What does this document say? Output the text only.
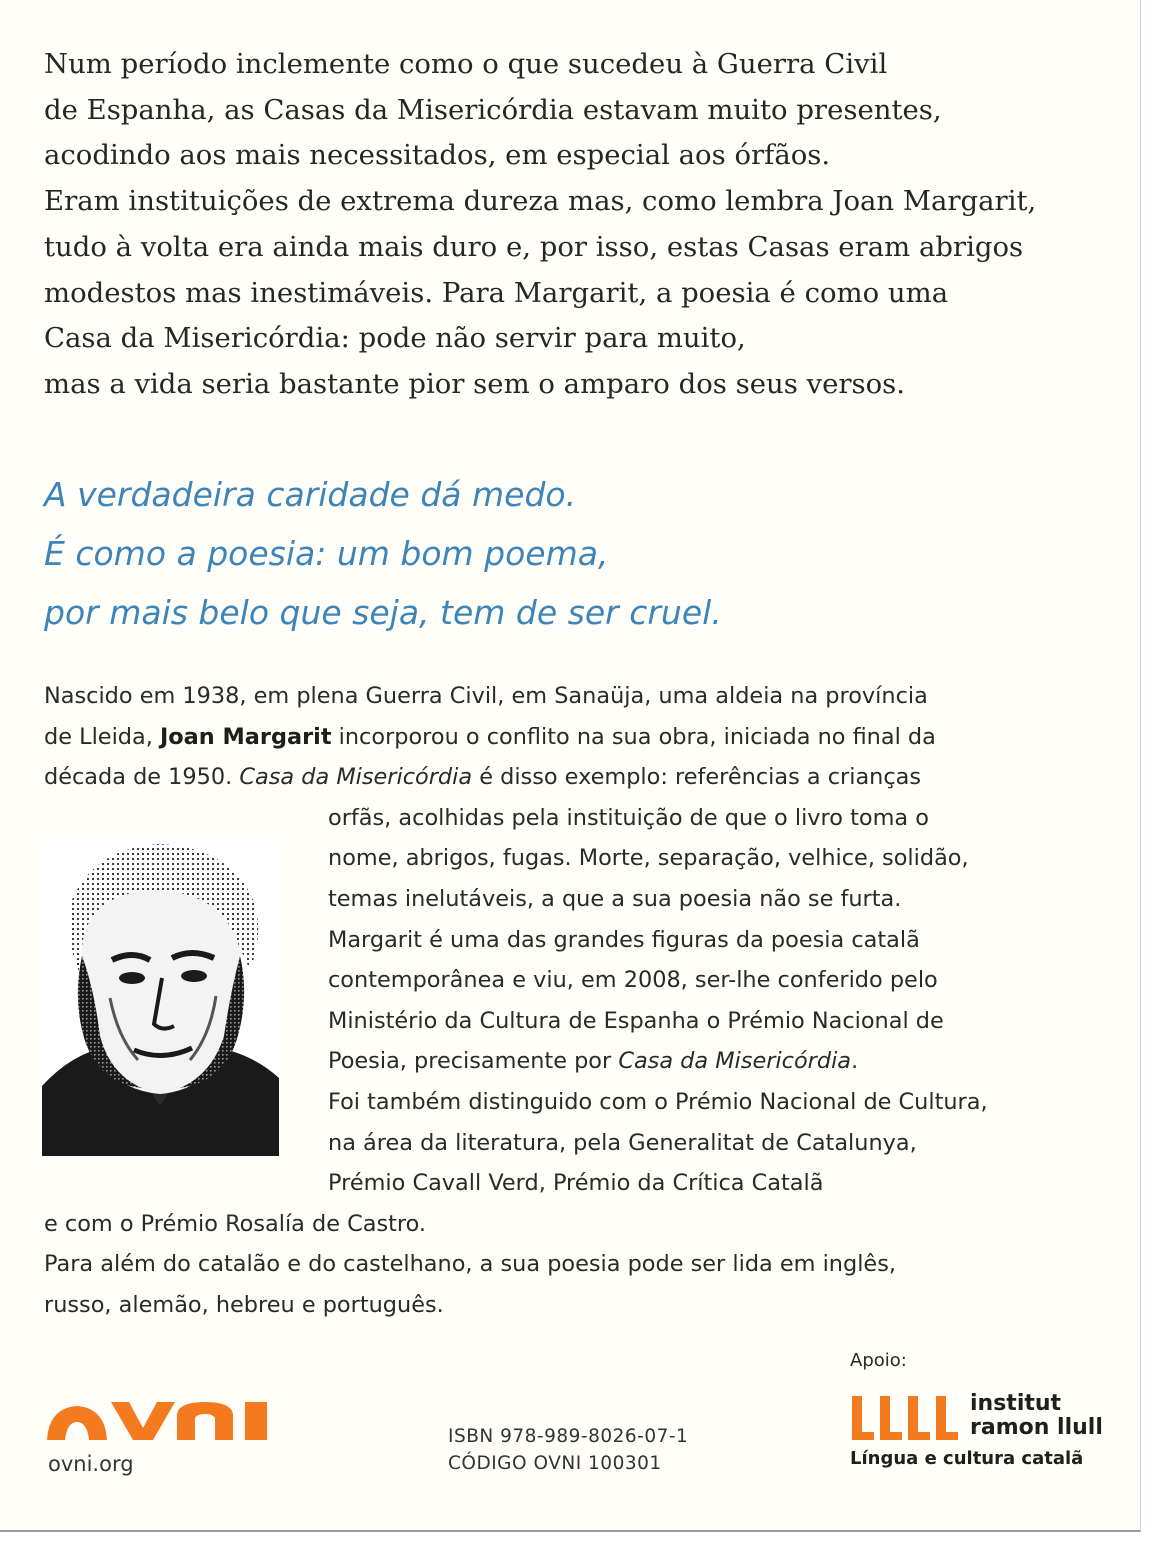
Num período inclemente como o que sucedeu à Guerra Civil
de Espanha, as Casas da Misericórdia estavam muito presentes,
acodindo aos mais necessitados, em especial aos órfãos.
Eram instituições de extrema dureza mas, como lembra Joan Margarit,
tudo à volta era ainda mais duro e, por isso, estas Casas eram abrigos
modestos mas inestimáveis. Para Margarit, a poesia é como uma
Casa da Misericórdia: pode não servir para muito,
mas a vida seria bastante pior sem o amparo dos seus versos.
A verdadeira caridade dá medo.
É como a poesia: um bom poema,
por mais belo que seja, tem de ser cruel.
Nascido em 1938, em plena Guerra Civil, em Sanaüja, uma aldeia na província
de Lleida, Joan Margarit incorporou o conflito na sua obra, iniciada no final da
década de 1950. Casa da Misericórdia é disso exemplo: referências a crianças
orfãs, acolhidas pela instituição de que o livro toma o
nome, abrigos, fugas. Morte, separação, velhice, solidão,
temas inelutáveis, a que a sua poesia não se furta.
Margarit é uma das grandes figuras da poesia catalã
contemporânea e viu, em 2008, ser-lhe conferido pelo
Ministério da Cultura de Espanha o Prémio Nacional de
Poesia, precisamente por Casa da Misericórdia.
Foi também distinguido com o Prémio Nacional de Cultura,
na área da literatura, pela Generalitat de Catalunya,
Prémio Cavall Verd, Prémio da Crítica Catalã
e com o Prémio Rosalía de Castro.
Para além do catalão e do castelhano, a sua poesia pode ser lida em inglês,
russo, alemão, hebreu e português.
Apoio:
ovni.org
ISBN 978-989-8026-07-1
CÓDIGO OVNI 100301
institut
ramon llull
Língua e cultura catalã
